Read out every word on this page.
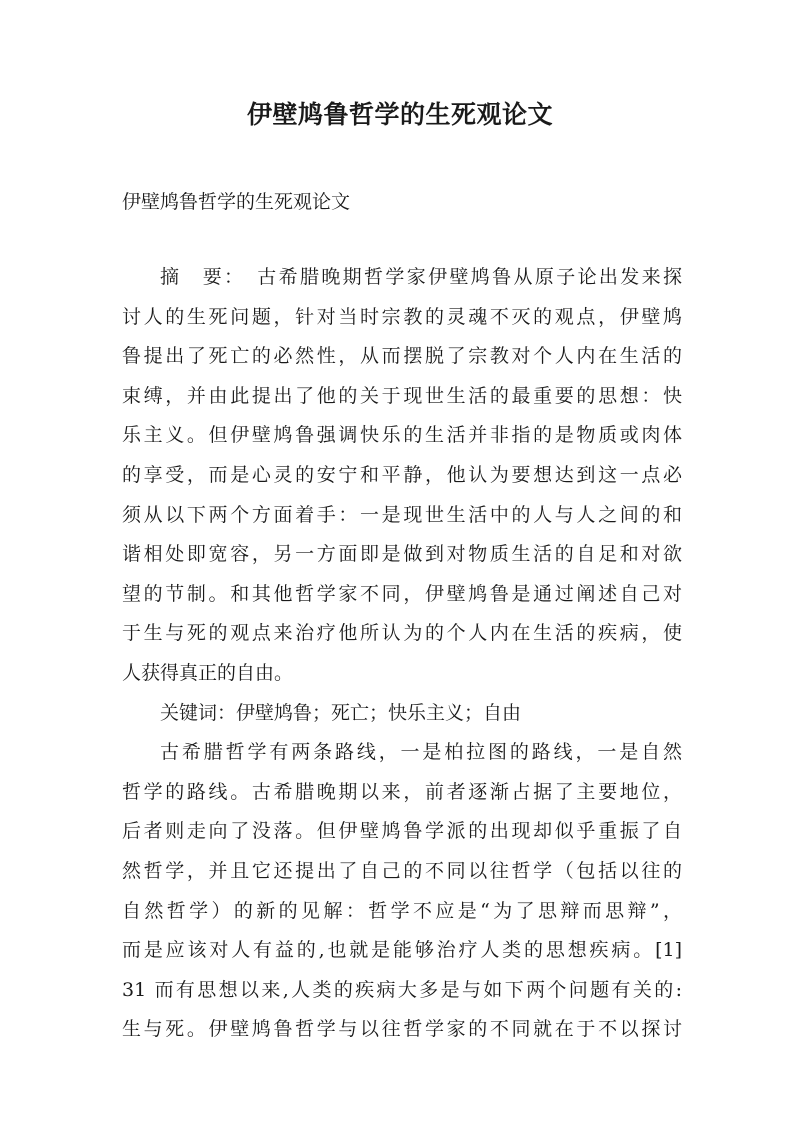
伊壁鸠鲁哲学的生死观论文
伊壁鸠鲁哲学的生死观论文
摘　要：　古希腊晚期哲学家伊壁鸠鲁从原子论出发来探
讨人的生死问题，针对当时宗教的灵魂不灭的观点，伊壁鸠
鲁提出了死亡的必然性，从而摆脱了宗教对个人内在生活的
束缚，并由此提出了他的关于现世生活的最重要的思想：快
乐主义。但伊壁鸠鲁强调快乐的生活并非指的是物质或肉体
的享受，而是心灵的安宁和平静，他认为要想达到这一点必
须从以下两个方面着手：一是现世生活中的人与人之间的和
谐相处即宽容，另一方面即是做到对物质生活的自足和对欲
望的节制。和其他哲学家不同，伊壁鸠鲁是通过阐述自己对
于生与死的观点来治疗他所认为的个人内在生活的疾病，使
人获得真正的自由。
关键词：伊壁鸠鲁；死亡；快乐主义；自由
古希腊哲学有两条路线，一是柏拉图的路线，一是自然
哲学的路线。古希腊晚期以来，前者逐渐占据了主要地位，
后者则走向了没落。但伊壁鸠鲁学派的出现却似乎重振了自
然哲学，并且它还提出了自己的不同以往哲学（包括以往的
自然哲学）的新的见解：哲学不应是“为了思辩而思辩”，
而是应该对人有益的,也就是能够治疗人类的思想疾病。[1]
31 而有思想以来,人类的疾病大多是与如下两个问题有关的:
生与死。伊壁鸠鲁哲学与以往哲学家的不同就在于不以探讨
